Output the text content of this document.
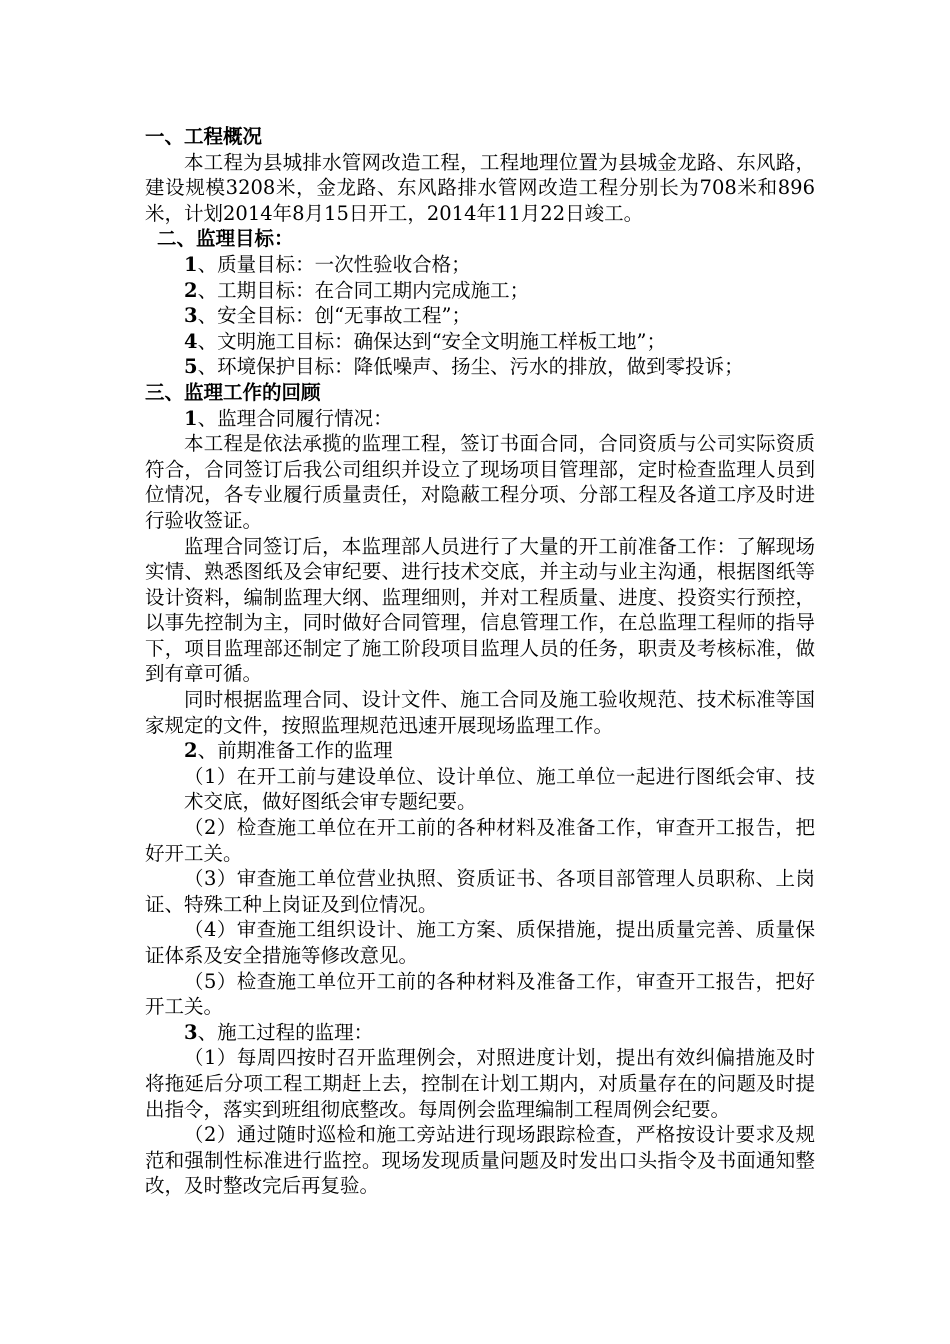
一、工程概况

本工程为县城排水管网改造工程，工程地理位置为县城金龙路、东风路，建设规模3208米，金龙路、东风路排水管网改造工程分别长为708米和896米，计划2014年8月15日开工，2014年11月22日竣工。

二、监理目标：

1、质量目标：一次性验收合格；

2、工期目标：在合同工期内完成施工；

3、安全目标：创“无事故工程”；

4、文明施工目标：确保达到“安全文明施工样板工地”；

5、环境保护目标：降低噪声、扬尘、污水的排放，做到零投诉；

三、监理工作的回顾

1、监理合同履行情况：

本工程是依法承揽的监理工程，签订书面合同，合同资质与公司实际资质符合，合同签订后我公司组织并设立了现场项目管理部，定时检查监理人员到位情况，各专业履行质量责任，对隐蔽工程分项、分部工程及各道工序及时进行验收签证。

监理合同签订后，本监理部人员进行了大量的开工前准备工作：了解现场实情、熟悉图纸及会审纪要、进行技术交底，并主动与业主沟通，根据图纸等设计资料，编制监理大纲、监理细则，并对工程质量、进度、投资实行预控，以事先控制为主，同时做好合同管理，信息管理工作，在总监理工程师的指导下，项目监理部还制定了施工阶段项目监理人员的任务，职责及考核标准，做到有章可循。

同时根据监理合同、设计文件、施工合同及施工验收规范、技术标准等国家规定的文件，按照监理规范迅速开展现场监理工作。

2、前期准备工作的监理

（1）在开工前与建设单位、设计单位、施工单位一起进行图纸会审、技术交底，做好图纸会审专题纪要。

（2）检查施工单位在开工前的各种材料及准备工作，审查开工报告，把好开工关。

（3）审查施工单位营业执照、资质证书、各项目部管理人员职称、上岗证、特殊工种上岗证及到位情况。

（4）审查施工组织设计、施工方案、质保措施，提出质量完善、质量保证体系及安全措施等修改意见。

（5）检查施工单位开工前的各种材料及准备工作，审查开工报告，把好开工关。

3、施工过程的监理：

（1）每周四按时召开监理例会，对照进度计划，提出有效纠偏措施及时将拖延后分项工程工期赶上去，控制在计划工期内，对质量存在的问题及时提出指令，落实到班组彻底整改。每周例会监理编制工程周例会纪要。

（2）通过随时巡检和施工旁站进行现场跟踪检查，严格按设计要求及规范和强制性标准进行监控。现场发现质量问题及时发出口头指令及书面通知整改，及时整改完后再复验。
